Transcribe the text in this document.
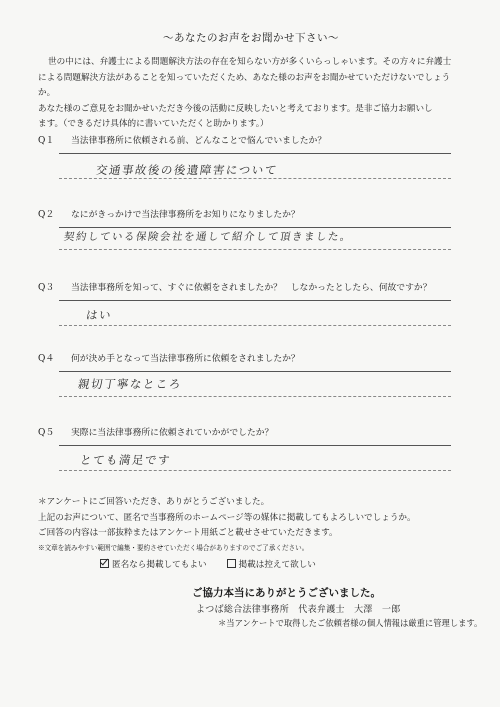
～あなたのお声をお聞かせ下さい～

世の中には、弁護士による問題解決方法の存在を知らない方が多くいらっしゃいます。その方々に弁護士

による問題解決方法があることを知っていただくため、あなた様のお声をお聞かせていただけないでしょうか。

あなた様のご意見をお聞かせいただき今後の活動に反映したいと考えております。是非ご協力お願いし

ます。（できるだけ具体的に書いていただくと助かります。）

Q１	当法律事務所に依頼される前、どんなことで悩んでいましたか？
交通事故後の後遺障害について
Q２	なにがきっかけで当法律事務所をお知りになりましたか？
契約している保険会社を通して紹介して頂きました。
Q３	当法律事務所を知って、すぐに依頼をされましたか？　しなかったとしたら、何故ですか？
はい
Q４	何が決め手となって当法律事務所に依頼をされましたか？
親切丁寧なところ
Q５	実際に当法律事務所に依頼されていかがでしたか？
とても満足です

＊アンケートにご回答いただき、ありがとうございました。

上記のお声について、匿名で当事務所のホームページ等の媒体に掲載してもよろしいでしょうか。

ご回答の内容は一部抜粋またはアンケート用紙ごと載せさせていただきます。

※文章を読みやすい範囲で編集・要約させていただく場合がありますのでご了承ください。

匿名なら掲載してもよい	掲載は控えて欲しい
ご協力本当にありがとうございました。
よつば総合法律事務所　代表弁護士　大澤　一郎
＊当アンケートで取得したご依頼者様の個人情報は厳重に管理します。
